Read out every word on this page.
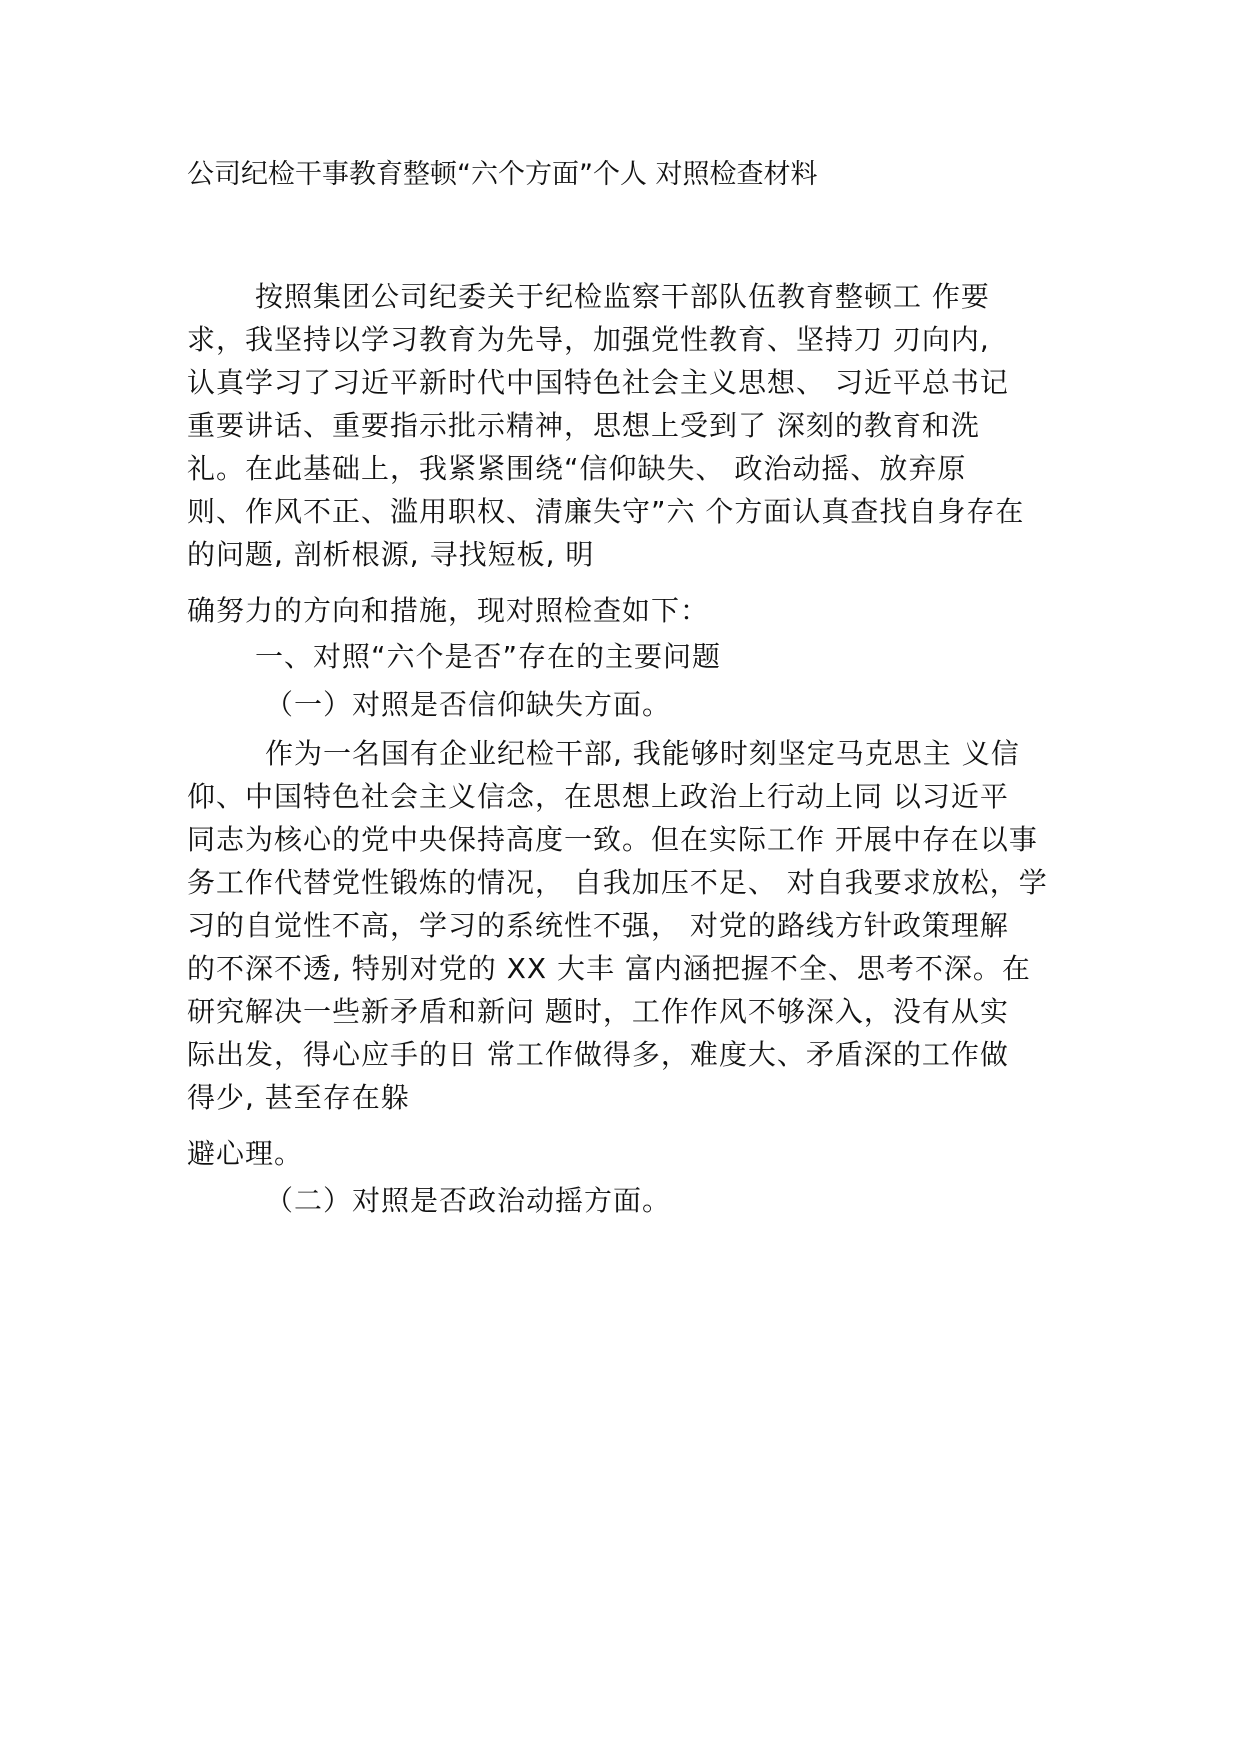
公司纪检干事教育整顿“六个方面”个人 对照检查材料
按照集团公司纪委关于纪检监察干部队伍教育整顿工 作要
求，我坚持以学习教育为先导，加强党性教育、坚持刀 刃向内,
认真学习了习近平新时代中国特色社会主义思想、 习近平总书记
重要讲话、重要指示批示精神，思想上受到了 深刻的教育和洗
礼。在此基础上，我紧紧围绕“信仰缺失、 政治动摇、放弃原
则、作风不正、滥用职权、清廉失守”六 个方面认真查找自身存在
的问题, 剖析根源, 寻找短板, 明
确努力的方向和措施，现对照检查如下：
一、对照“六个是否”存在的主要问题
（一）对照是否信仰缺失方面。
作为一名国有企业纪检干部, 我能够时刻坚定马克思主 义信
仰、中国特色社会主义信念，在思想上政治上行动上同 以习近平
同志为核心的党中央保持高度一致。但在实际工作 开展中存在以事
务工作代替党性锻炼的情况， 自我加压不足、 对自我要求放松，学
习的自觉性不高，学习的系统性不强， 对党的路线方针政策理解
的不深不透, 特别对党的 XX 大丰 富内涵把握不全、思考不深。在
研究解决一些新矛盾和新问 题时，工作作风不够深入，没有从实
际出发，得心应手的日 常工作做得多，难度大、矛盾深的工作做
得少, 甚至存在躲
避心理。
（二）对照是否政治动摇方面。
